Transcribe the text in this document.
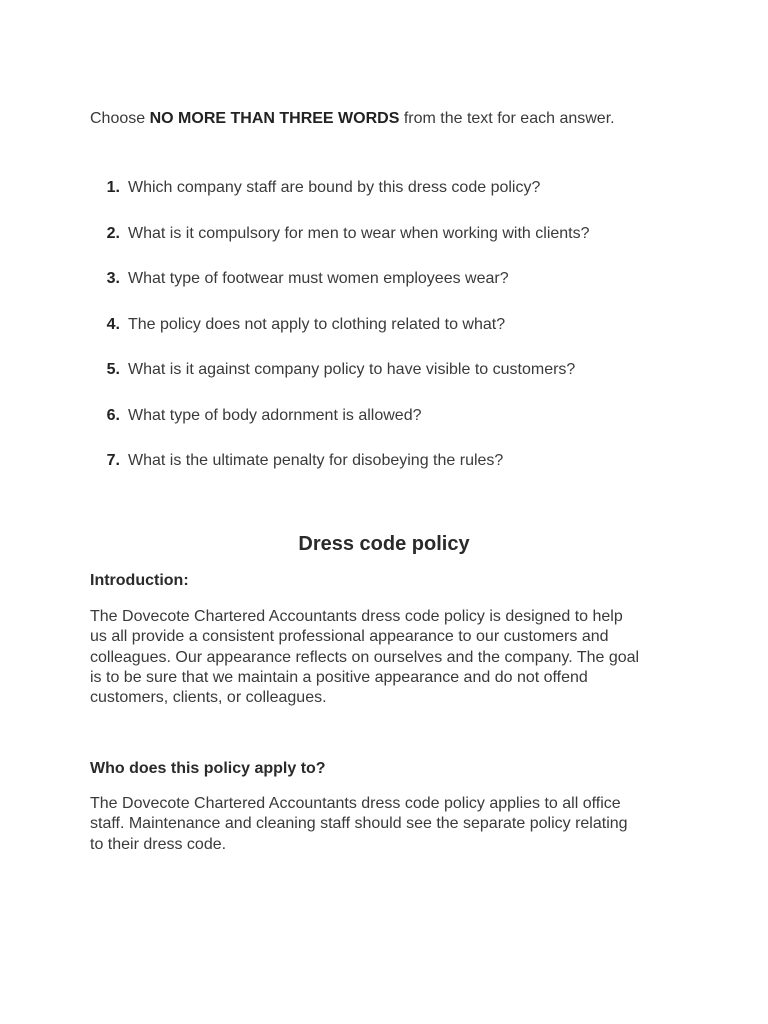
Choose NO MORE THAN THREE WORDS from the text for each answer.
1. Which company staff are bound by this dress code policy?
2. What is it compulsory for men to wear when working with clients?
3. What type of footwear must women employees wear?
4. The policy does not apply to clothing related to what?
5. What is it against company policy to have visible to customers?
6. What type of body adornment is allowed?
7. What is the ultimate penalty for disobeying the rules?
Dress code policy
Introduction:

The Dovecote Chartered Accountants dress code policy is designed to help
us all provide a consistent professional appearance to our customers and
colleagues. Our appearance reflects on ourselves and the company. The goal
is to be sure that we maintain a positive appearance and do not offend
customers, clients, or colleagues.

Who does this policy apply to?

The Dovecote Chartered Accountants dress code policy applies to all office
staff. Maintenance and cleaning staff should see the separate policy relating
to their dress code.
